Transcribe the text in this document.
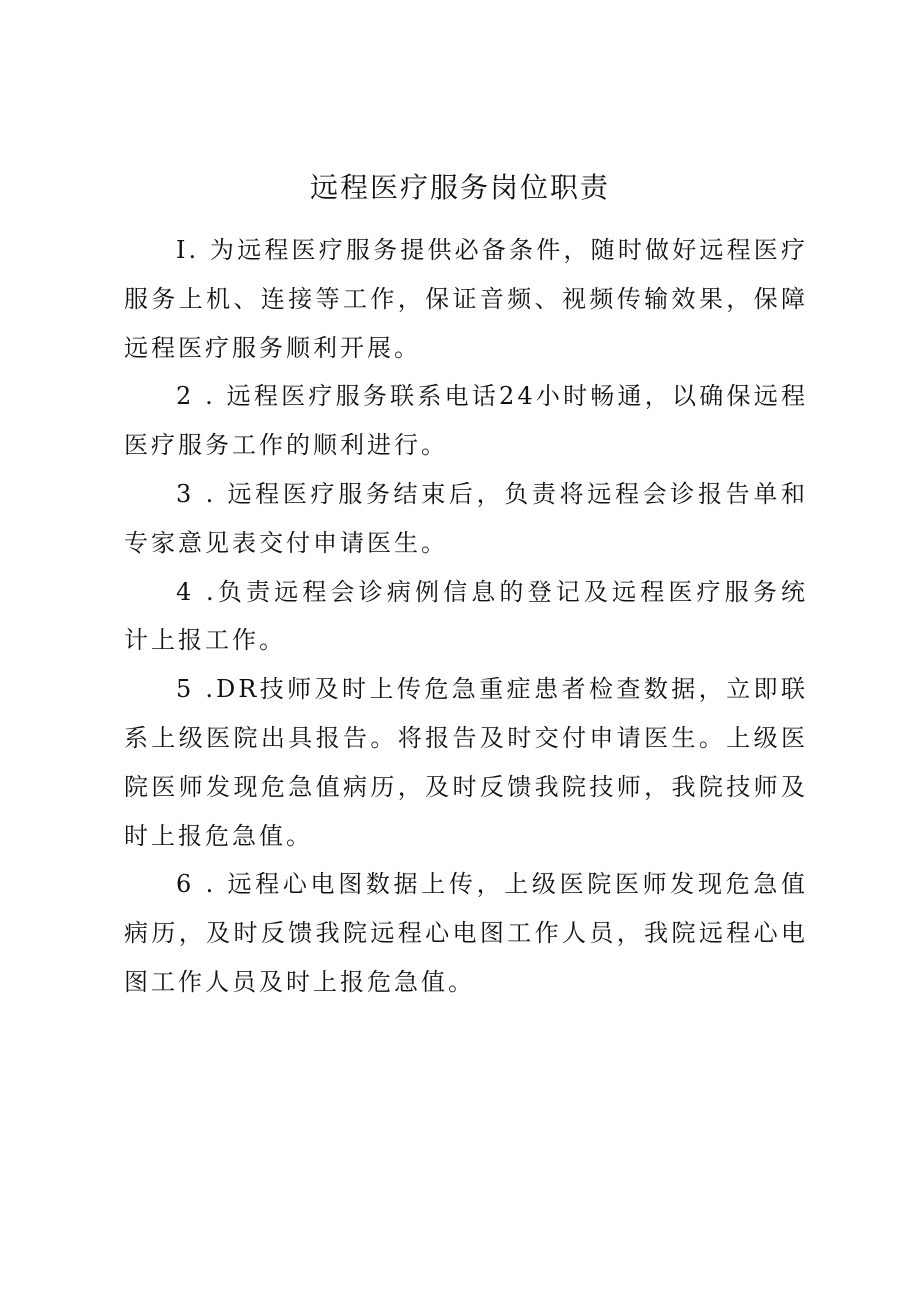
远程医疗服务岗位职责

I. 为远程医疗服务提供必备条件，随时做好远程医疗服务上机、连接等工作，保证音频、视频传输效果，保障远程医疗服务顺利开展。

2 . 远程医疗服务联系电话24小时畅通，以确保远程医疗服务工作的顺利进行。

3 . 远程医疗服务结束后，负责将远程会诊报告单和专家意见表交付申请医生。

4 .负责远程会诊病例信息的登记及远程医疗服务统计上报工作。

5 .DR技师及时上传危急重症患者检查数据，立即联系上级医院出具报告。将报告及时交付申请医生。上级医院医师发现危急值病历，及时反馈我院技师，我院技师及时上报危急值。

6 . 远程心电图数据上传，上级医院医师发现危急值病历，及时反馈我院远程心电图工作人员，我院远程心电图工作人员及时上报危急值。
